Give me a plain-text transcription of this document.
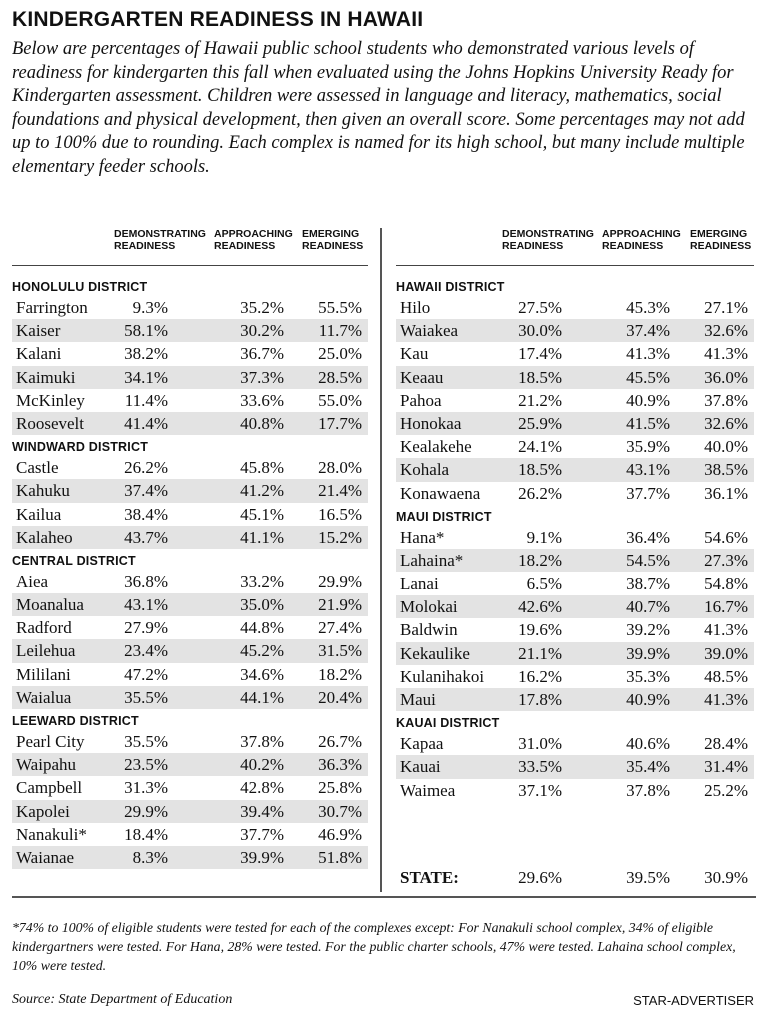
KINDERGARTEN READINESS IN HAWAII

Below are percentages of Hawaii public school students who demonstrated various levels of readiness for kindergarten this fall when evaluated using the Johns Hopkins University Ready for Kindergarten assessment. Children were assessed in language and literacy, mathematics, social foundations and physical development, then given an overall score. Some percentages may not add up to 100% due to rounding. Each complex is named for its high school, but many include multiple elementary feeder schools.

DEMONSTRATING
READINESS
APPROACHING
READINESS
EMERGING
READINESS
HONOLULU DISTRICT
Farrington	9.3%	35.2%	55.5%
Kaiser	58.1%	30.2%	11.7%
Kalani	38.2%	36.7%	25.0%
Kaimuki	34.1%	37.3%	28.5%
McKinley	11.4%	33.6%	55.0%
Roosevelt	41.4%	40.8%	17.7%
WINDWARD DISTRICT
Castle	26.2%	45.8%	28.0%
Kahuku	37.4%	41.2%	21.4%
Kailua	38.4%	45.1%	16.5%
Kalaheo	43.7%	41.1%	15.2%
CENTRAL DISTRICT
Aiea	36.8%	33.2%	29.9%
Moanalua	43.1%	35.0%	21.9%
Radford	27.9%	44.8%	27.4%
Leilehua	23.4%	45.2%	31.5%
Mililani	47.2%	34.6%	18.2%
Waialua	35.5%	44.1%	20.4%
LEEWARD DISTRICT
Pearl City	35.5%	37.8%	26.7%
Waipahu	23.5%	40.2%	36.3%
Campbell	31.3%	42.8%	25.8%
Kapolei	29.9%	39.4%	30.7%
Nanakuli*	18.4%	37.7%	46.9%
Waianae	8.3%	39.9%	51.8%
DEMONSTRATING
READINESS
APPROACHING
READINESS
EMERGING
READINESS
HAWAII DISTRICT
Hilo	27.5%	45.3%	27.1%
Waiakea	30.0%	37.4%	32.6%
Kau	17.4%	41.3%	41.3%
Keaau	18.5%	45.5%	36.0%
Pahoa	21.2%	40.9%	37.8%
Honokaa	25.9%	41.5%	32.6%
Kealakehe	24.1%	35.9%	40.0%
Kohala	18.5%	43.1%	38.5%
Konawaena	26.2%	37.7%	36.1%
MAUI DISTRICT
Hana*	9.1%	36.4%	54.6%
Lahaina*	18.2%	54.5%	27.3%
Lanai	6.5%	38.7%	54.8%
Molokai	42.6%	40.7%	16.7%
Baldwin	19.6%	39.2%	41.3%
Kekaulike	21.1%	39.9%	39.0%
Kulanihakoi	16.2%	35.3%	48.5%
Maui	17.8%	40.9%	41.3%
KAUAI DISTRICT
Kapaa	31.0%	40.6%	28.4%
Kauai	33.5%	35.4%	31.4%
Waimea	37.1%	37.8%	25.2%
STATE:	29.6%	39.5%	30.9%

*74% to 100% of eligible students were tested for each of the complexes except: For Nanakuli school complex, 34% of eligible kindergartners were tested. For Hana, 28% were tested. For the public charter schools, 47% were tested. Lahaina school complex, 10% were tested.

Source: State Department of Education	STAR-ADVERTISER
